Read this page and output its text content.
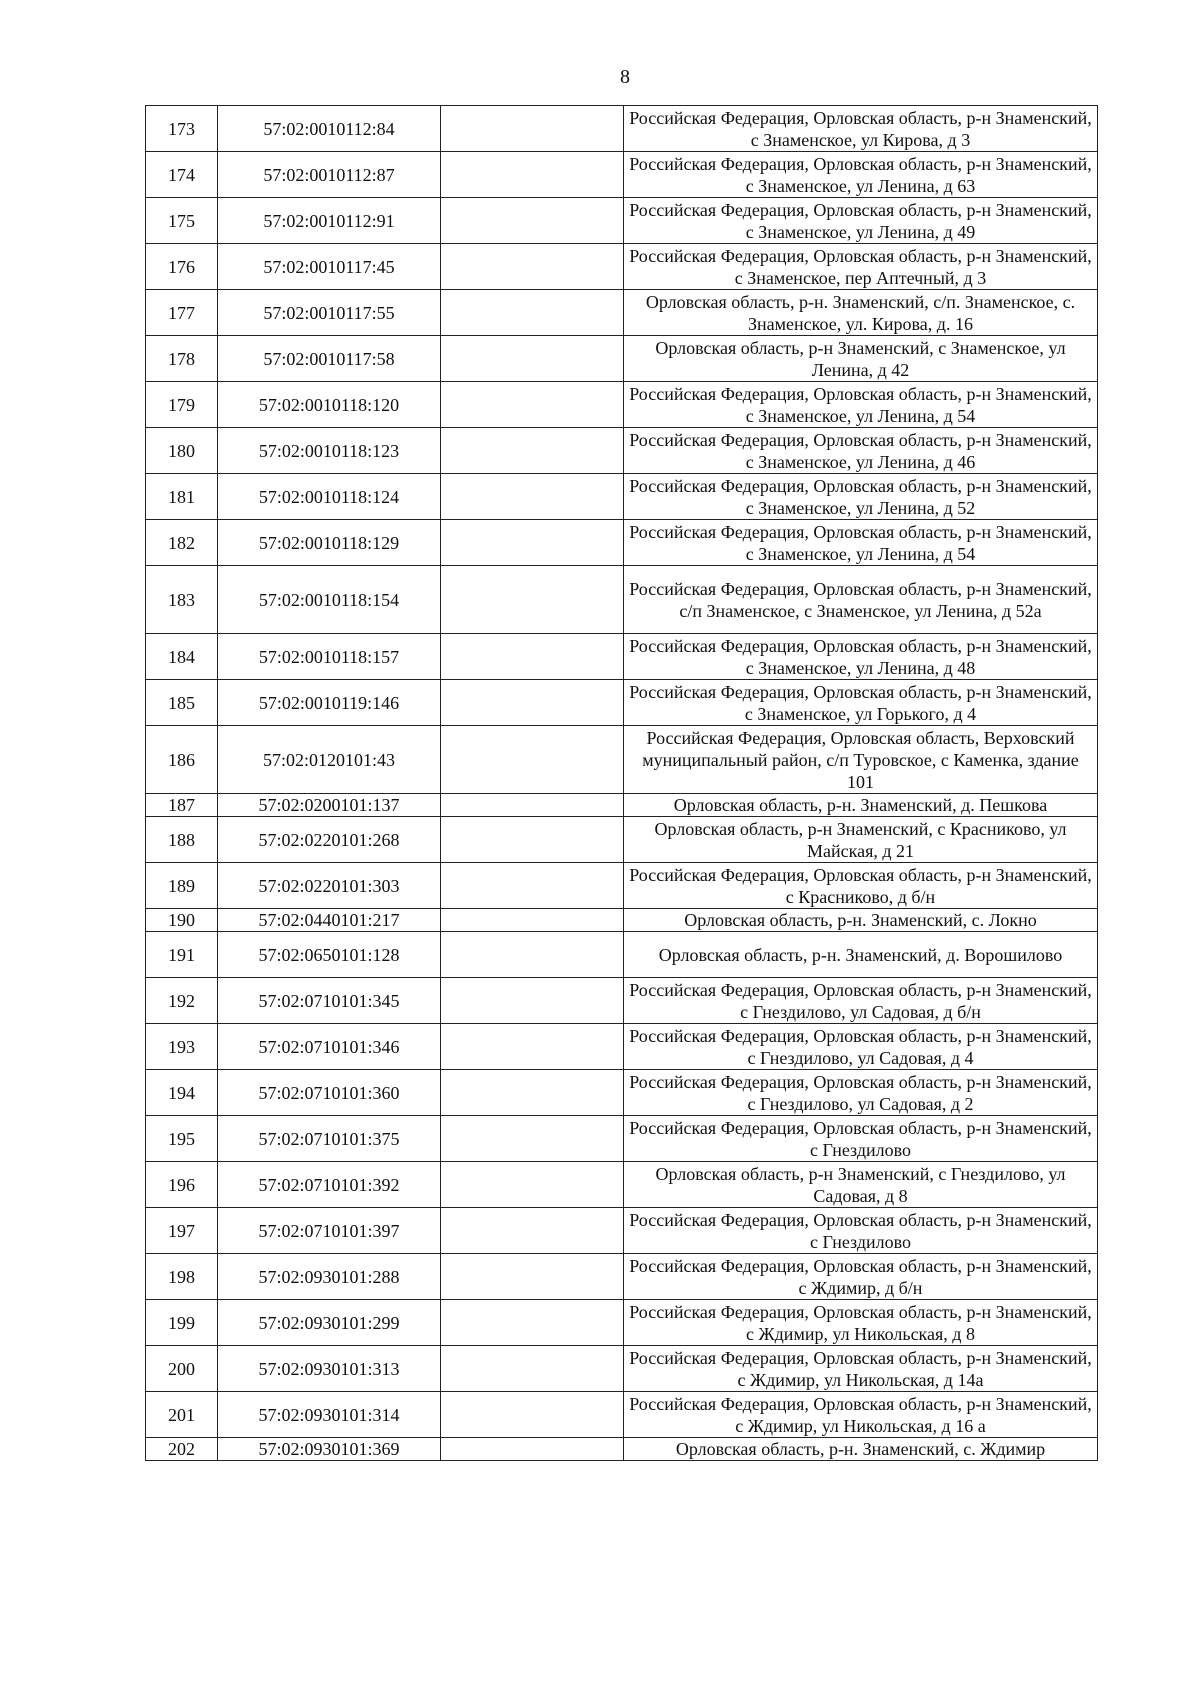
8
173	57:02:0010112:84		Российская Федерация, Орловская область, р-н Знаменский, с Знаменское, ул Кирова, д 3
174	57:02:0010112:87		Российская Федерация, Орловская область, р-н Знаменский, с Знаменское, ул Ленина, д 63
175	57:02:0010112:91		Российская Федерация, Орловская область, р-н Знаменский, с Знаменское, ул Ленина, д 49
176	57:02:0010117:45		Российская Федерация, Орловская область, р-н Знаменский, с Знаменское, пер Аптечный, д 3
177	57:02:0010117:55		Орловская область, р-н. Знаменский, с/п. Знаменское, с. Знаменское, ул. Кирова, д. 16
178	57:02:0010117:58		Орловская область, р-н Знаменский, с Знаменское, ул Ленина, д 42
179	57:02:0010118:120		Российская Федерация, Орловская область, р-н Знаменский, с Знаменское, ул Ленина, д 54
180	57:02:0010118:123		Российская Федерация, Орловская область, р-н Знаменский, с Знаменское, ул Ленина, д 46
181	57:02:0010118:124		Российская Федерация, Орловская область, р-н Знаменский, с Знаменское, ул Ленина, д 52
182	57:02:0010118:129		Российская Федерация, Орловская область, р-н Знаменский, с Знаменское, ул Ленина, д 54
183	57:02:0010118:154		Российская Федерация, Орловская область, р-н Знаменский, с/п Знаменское, с Знаменское, ул Ленина, д 52а
184	57:02:0010118:157		Российская Федерация, Орловская область, р-н Знаменский, с Знаменское, ул Ленина, д 48
185	57:02:0010119:146		Российская Федерация, Орловская область, р-н Знаменский, с Знаменское, ул Горького, д 4
186	57:02:0120101:43		Российская Федерация, Орловская область, Верховский муниципальный район, с/п Туровское, с Каменка, здание 101
187	57:02:0200101:137		Орловская область, р-н. Знаменский, д. Пешкова
188	57:02:0220101:268		Орловская область, р-н Знаменский, с Красниково, ул Майская, д 21
189	57:02:0220101:303		Российская Федерация, Орловская область, р-н Знаменский, с Красниково, д б/н
190	57:02:0440101:217		Орловская область, р-н. Знаменский, с. Локно
191	57:02:0650101:128		Орловская область, р-н. Знаменский, д. Ворошилово
192	57:02:0710101:345		Российская Федерация, Орловская область, р-н Знаменский, с Гнездилово, ул Садовая, д б/н
193	57:02:0710101:346		Российская Федерация, Орловская область, р-н Знаменский, с Гнездилово, ул Садовая, д 4
194	57:02:0710101:360		Российская Федерация, Орловская область, р-н Знаменский, с Гнездилово, ул Садовая, д 2
195	57:02:0710101:375		Российская Федерация, Орловская область, р-н Знаменский, с Гнездилово
196	57:02:0710101:392		Орловская область, р-н Знаменский, с Гнездилово, ул Садовая, д 8
197	57:02:0710101:397		Российская Федерация, Орловская область, р-н Знаменский, с Гнездилово
198	57:02:0930101:288		Российская Федерация, Орловская область, р-н Знаменский, с Ждимир, д б/н
199	57:02:0930101:299		Российская Федерация, Орловская область, р-н Знаменский, с Ждимир, ул Никольская, д 8
200	57:02:0930101:313		Российская Федерация, Орловская область, р-н Знаменский, с Ждимир, ул Никольская, д 14а
201	57:02:0930101:314		Российская Федерация, Орловская область, р-н Знаменский, с Ждимир, ул Никольская, д 16 а
202	57:02:0930101:369		Орловская область, р-н. Знаменский, с. Ждимир
